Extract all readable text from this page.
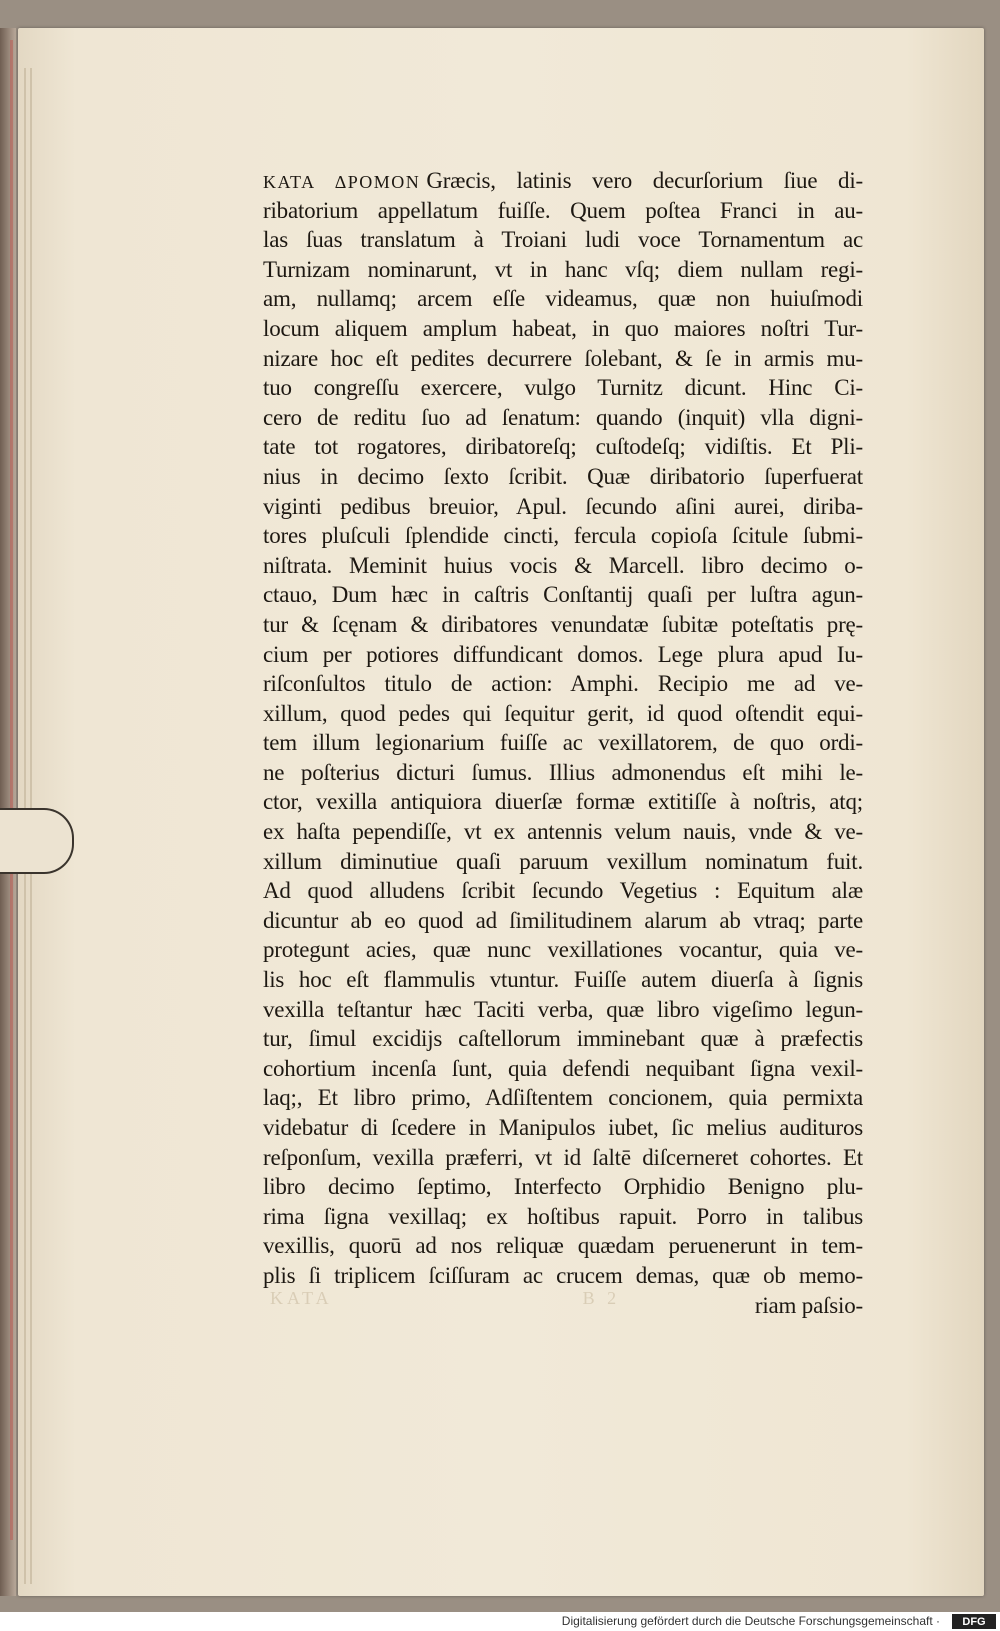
ΚΑΤΑ ΔΡΟΜΟΝ Græcis, latinis vero decurſorium ſiue di-
ribatorium appellatum fuiſſe. Quem poſtea Franci in au-
las ſuas translatum à Troiani ludi voce Tornamentum ac
Turnizam nominarunt, vt in hanc vſq; diem nullam regi-
am, nullamq; arcem eſſe videamus, quæ non huiuſmodi
locum aliquem amplum habeat, in quo maiores noſtri Tur-
nizare hoc eſt pedites decurrere ſolebant, & ſe in armis mu-
tuo congreſſu exercere, vulgo Turnitz dicunt. Hinc Ci-
cero de reditu ſuo ad ſenatum: quando (inquit) vlla digni-
tate tot rogatores, diribatoreſq; cuſtodeſq; vidiſtis. Et Pli-
nius in decimo ſexto ſcribit. Quæ diribatorio ſuperfuerat
viginti pedibus breuior, Apul. ſecundo aſini aurei, diriba-
tores pluſculi ſplendide cincti, fercula copioſa ſcitule ſubmi-
niſtrata. Meminit huius vocis & Marcell. libro decimo o-
ctauo, Dum hæc in caſtris Conſtantij quaſi per luſtra agun-
tur & ſcęnam & diribatores venundatæ ſubitæ poteſtatis prę-
cium per potiores diffundicant domos. Lege plura apud Iu-
riſconſultos titulo de action: Amphi. Recipio me ad ve-
xillum, quod pedes qui ſequitur gerit, id quod oſtendit equi-
tem illum legionarium fuiſſe ac vexillatorem, de quo ordi-
ne poſterius dicturi ſumus. Illius admonendus eſt mihi le-
ctor, vexilla antiquiora diuerſæ formæ extitiſſe à noſtris, atq;
ex haſta pependiſſe, vt ex antennis velum nauis, vnde & ve-
xillum diminutiue quaſi paruum vexillum nominatum fuit.
Ad quod alludens ſcribit ſecundo Vegetius : Equitum alæ
dicuntur ab eo quod ad ſimilitudinem alarum ab vtraq; parte
protegunt acies, quæ nunc vexillationes vocantur, quia ve-
lis hoc eſt flammulis vtuntur. Fuiſſe autem diuerſa à ſignis
vexilla teſtantur hæc Taciti verba, quæ libro vigeſimo legun-
tur, ſimul excidijs caſtellorum imminebant quæ à præfectis
cohortium incenſa ſunt, quia defendi nequibant ſigna vexil-
laq;, Et libro primo, Adſiſtentem concionem, quia permixta
videbatur di ſcedere in Manipulos iubet, ſic melius audituros
reſponſum, vexilla præferri, vt id ſaltē diſcerneret cohortes. Et
libro decimo ſeptimo, Interfecto Orphidio Benigno plu-
rima ſigna vexillaq; ex hoſtibus rapuit. Porro in talibus
vexillis, quorū ad nos reliquæ quædam peruenerunt in tem-
plis ſi triplicem ſciſſuram ac crucem demas, quæ ob memo-
riam paſsio-
ΚΑΤΑ	B 2
Digitalisierung gefördert durch die Deutsche Forschungsgemeinschaft ·	DFG
